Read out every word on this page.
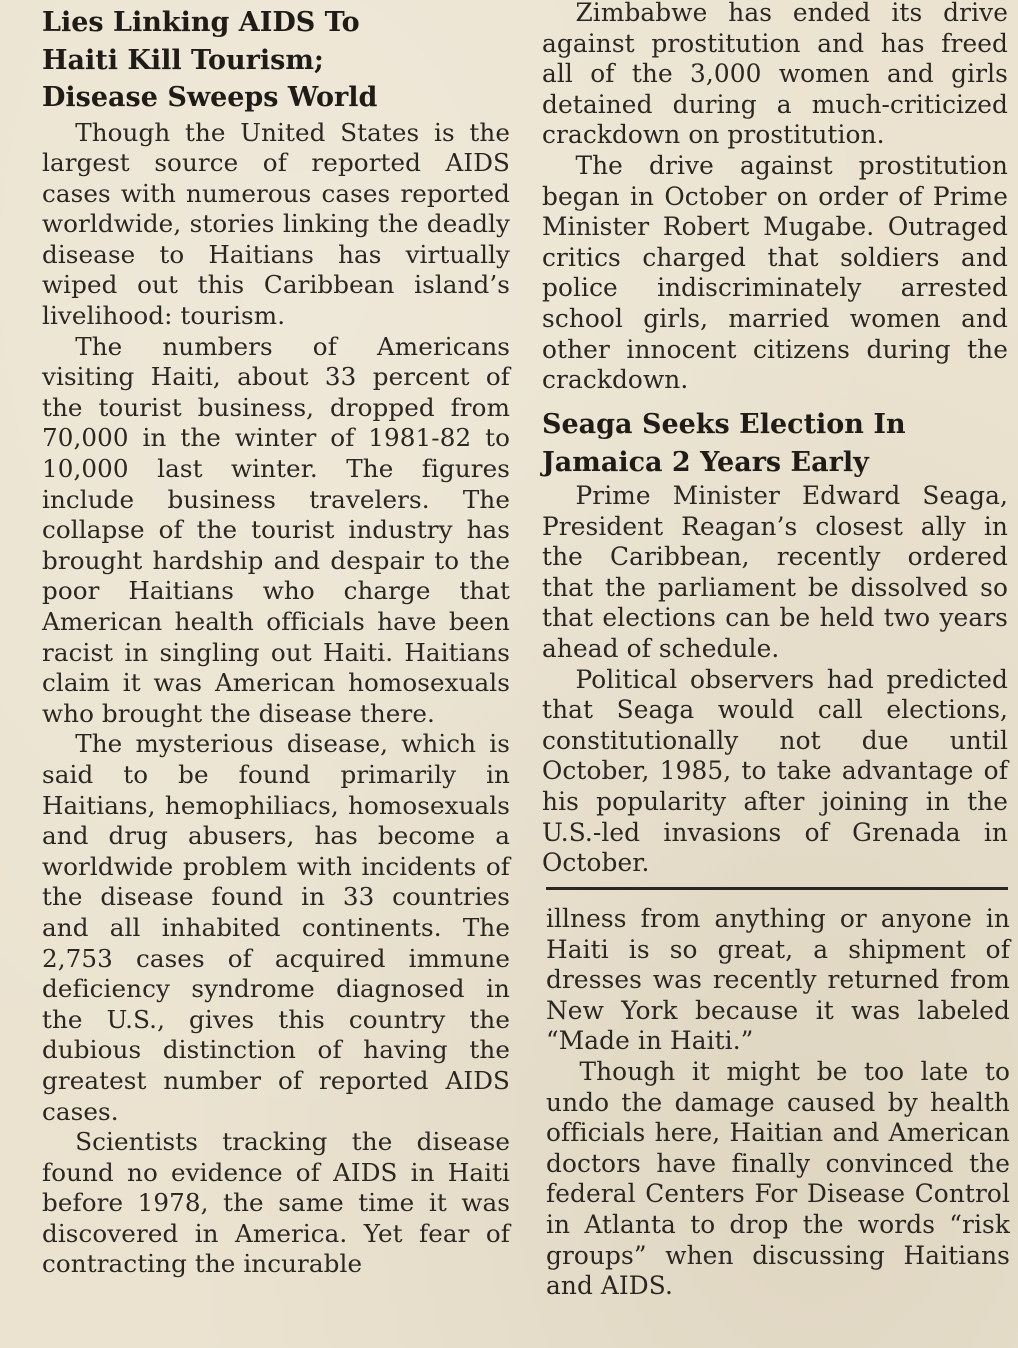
Lies Linking AIDS To Haiti Kill Tourism; Disease Sweeps World

Though the United States is the largest source of reported AIDS cases with numerous cases reported worldwide, stories linking the deadly disease to Haitians has virtually wiped out this Caribbean island’s livelihood: tourism.

The numbers of Americans visiting Haiti, about 33 percent of the tourist business, dropped from 70,000 in the winter of 1981-82 to 10,000 last winter. The figures include business travelers. The collapse of the tourist industry has brought hardship and despair to the poor Haitians who charge that American health officials have been racist in singling out Haiti. Haitians claim it was American homosexuals who brought the disease there.

The mysterious disease, which is said to be found primarily in Haitians, hemophiliacs, homosexuals and drug abusers, has become a worldwide problem with incidents of the disease found in 33 countries and all inhabited continents. The 2,753 cases of acquired immune deficiency syndrome diagnosed in the U.S., gives this country the dubious distinction of having the greatest number of reported AIDS cases.

Scientists tracking the disease found no evidence of AIDS in Haiti before 1978, the same time it was discovered in America. Yet fear of contracting the incurable

Zimbabwe has ended its drive against prostitution and has freed all of the 3,000 women and girls detained during a much-criticized crackdown on prostitution.

The drive against prostitution began in October on order of Prime Minister Robert Mugabe. Outraged critics charged that soldiers and police indiscriminately arrested school girls, married women and other innocent citizens during the crackdown.

Seaga Seeks Election In Jamaica 2 Years Early

Prime Minister Edward Seaga, President Reagan’s closest ally in the Caribbean, recently ordered that the parliament be dissolved so that elections can be held two years ahead of schedule.

Political observers had predicted that Seaga would call elections, constitutionally not due until October, 1985, to take advantage of his popularity after joining in the U.S.-led invasions of Grenada in October.

illness from anything or anyone in Haiti is so great, a shipment of dresses was recently returned from New York because it was labeled “Made in Haiti.”

Though it might be too late to undo the damage caused by health officials here, Haitian and American doctors have finally convinced the federal Centers For Disease Control in Atlanta to drop the words “risk groups” when discussing Haitians and AIDS.
